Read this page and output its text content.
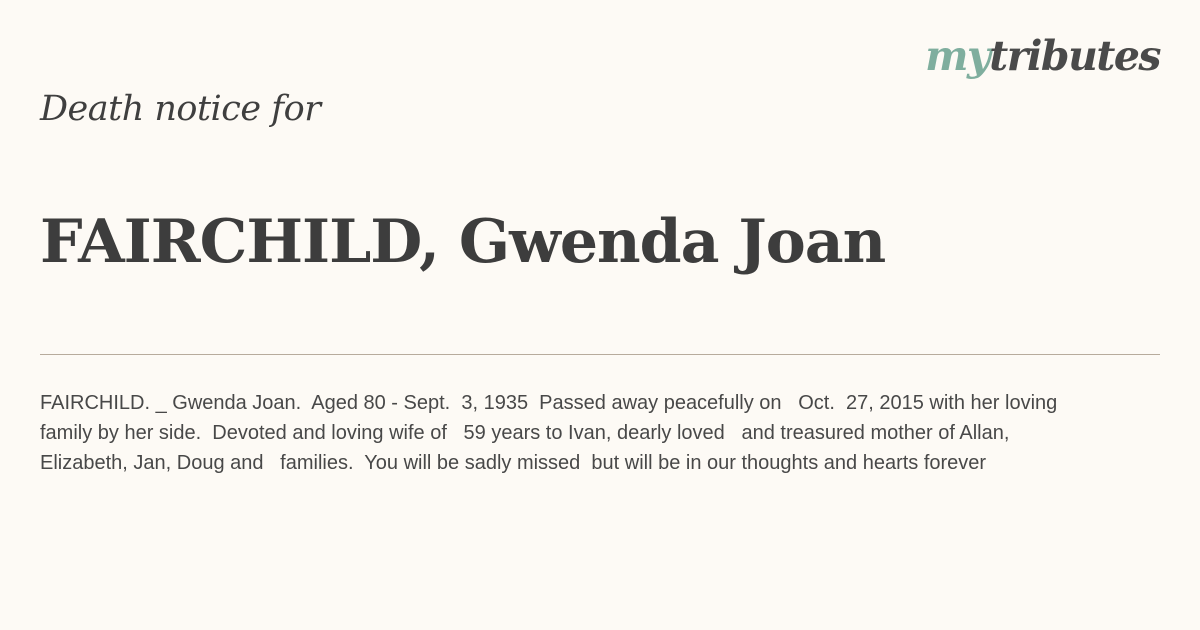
mytributes
Death notice for
FAIRCHILD, Gwenda Joan

FAIRCHILD. _ Gwenda Joan.  Aged 80 - Sept.  3, 1935  Passed away peacefully on   Oct.  27, 2015 with her loving   family by her side.  Devoted and loving wife of   59 years to Ivan, dearly loved   and treasured mother of Allan,   Elizabeth, Jan, Doug and   families.  You will be sadly missed  but will be in our thoughts and hearts forever
